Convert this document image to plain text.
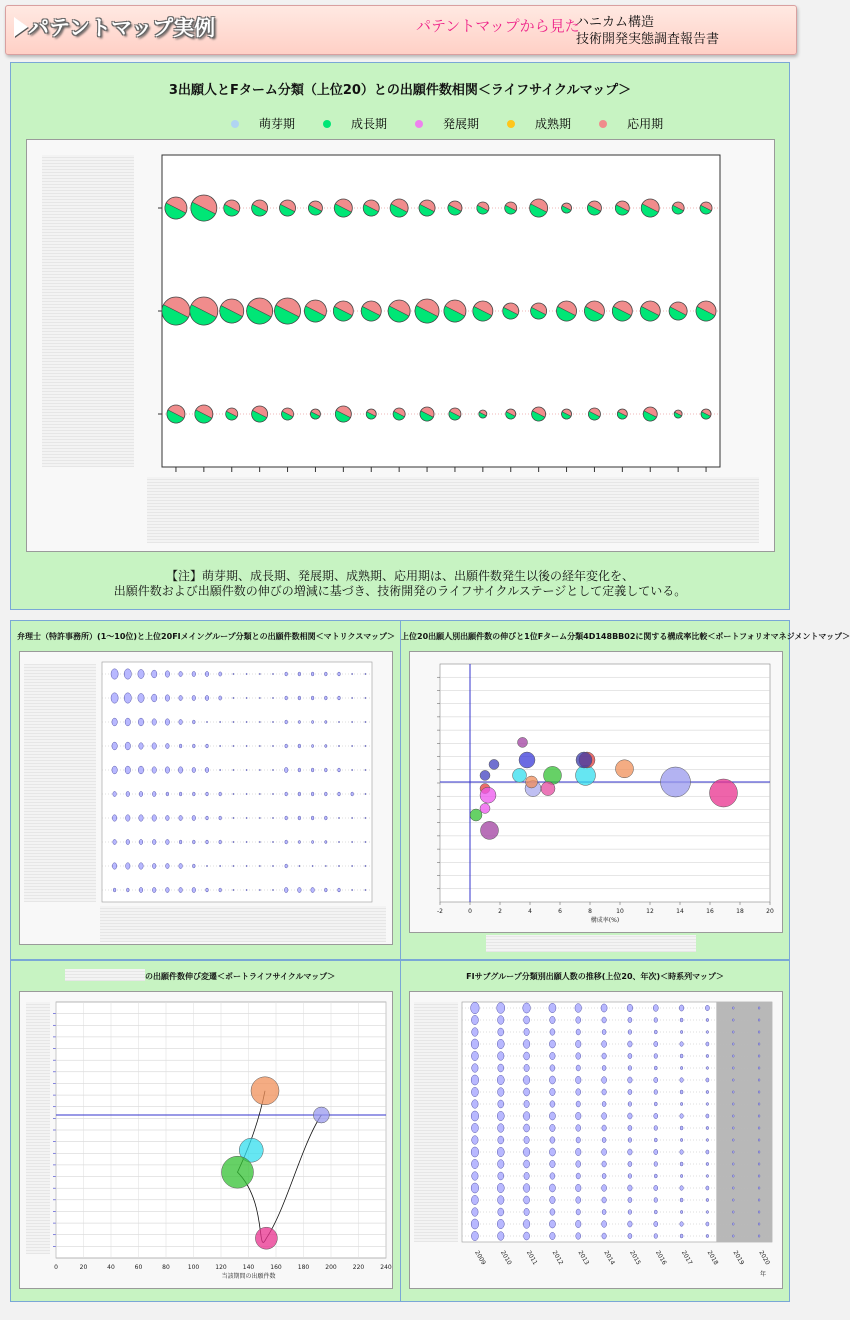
パテントマップ実例	パテントマップから見た
ハニカム構造
技術開発実態調査報告書
3出願人とFターム分類（上位20）との出願件数相関＜ライフサイクルマップ＞
萌芽期	成長期	発展期	成熟期	応用期
【注】萌芽期、成長期、発展期、成熟期、応用期は、出願件数発生以後の経年変化を、
出願件数および出願件数の伸びの増減に基づき、技術開発のライフサイクルステージとして定義している。
弁理士（特許事務所）(1～10位)と上位20FIメイングループ分類との出願件数相関＜マトリクスマップ＞ 上位20出願人別出願件数の伸びと1位Fターム分類4D148BB02に関する構成率比較＜ポートフォリオマネジメントマップ＞
-2	0	2	4	6	8	10	12	14	16	18	20
構成率(%)
の出願件数伸び変遷＜ポートライフサイクルマップ＞
0	20	40	60	80	100	120	140	160	180	200	220	240
当該期間の出願件数
FIサブグループ分類別出願人数の推移(上位20、年次)＜時系列マップ＞
2009 2010 2011 2012 2013 2014 2015 2016 2017 2018 2019 2020
年
